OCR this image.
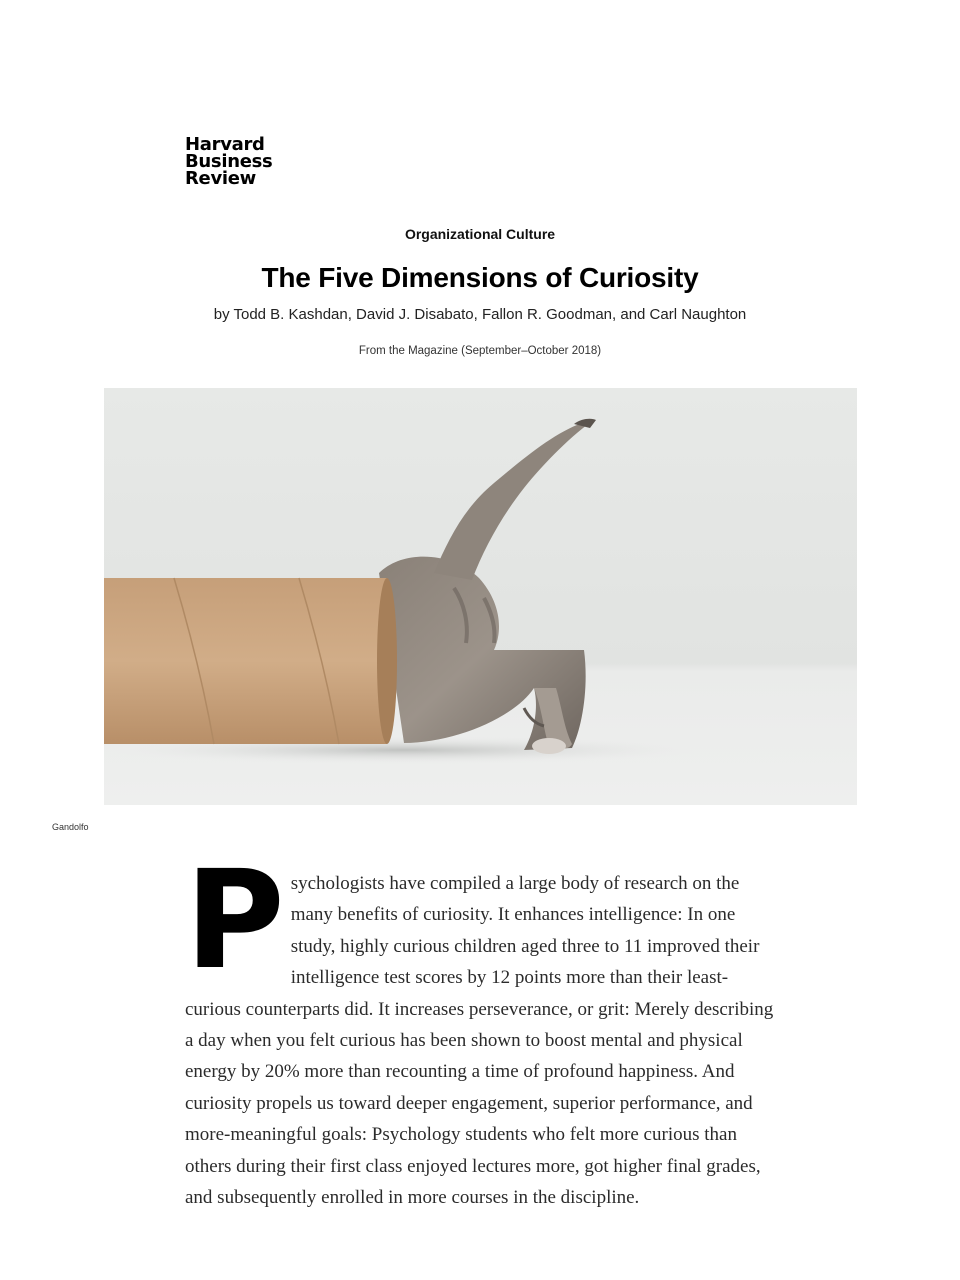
Harvard
Business
Review
Organizational Culture
The Five Dimensions of Curiosity
by Todd B. Kashdan, David J. Disabato, Fallon R. Goodman, and Carl Naughton
From the Magazine (September–October 2018)
Gandolfo
P sychologists have compiled a large body of research on the many benefits of curiosity. It enhances intelligence: In one study, highly curious children aged three to 11 improved their intelligence test scores by 12 points more than their least-curious counterparts did. It increases perseverance, or grit: Merely describing a day when you felt curious has been shown to boost mental and physical energy by 20% more than recounting a time of profound happiness. And curiosity propels us toward deeper engagement, superior performance, and more-meaningful goals: Psychology students who felt more curious than others during their first class enjoyed lectures more, got higher final grades, and subsequently enrolled in more courses in the discipline.
